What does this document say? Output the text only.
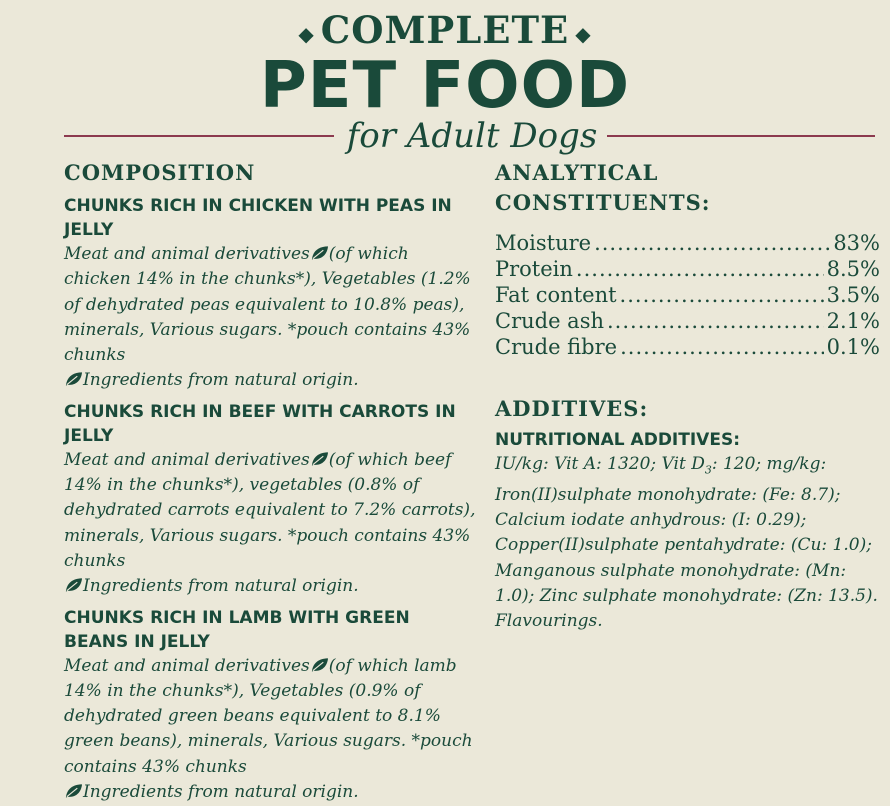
◆ COMPLETE ◆
PET FOOD
for Adult Dogs
COMPOSITION
CHUNKS RICH IN CHICKEN WITH PEAS IN JELLY
Meat and animal derivatives (of which chicken 14% in the chunks*), Vegetables (1.2% of dehydrated peas equivalent to 10.8% peas), minerals, Various sugars. *pouch contains 43% chunks
Ingredients from natural origin.
CHUNKS RICH IN BEEF WITH CARROTS IN JELLY
Meat and animal derivatives (of which beef 14% in the chunks*), vegetables (0.8% of dehydrated carrots equivalent to 7.2% carrots), minerals, Various sugars. *pouch contains 43% chunks
Ingredients from natural origin.
CHUNKS RICH IN LAMB WITH GREEN BEANS IN JELLY
Meat and animal derivatives (of which lamb 14% in the chunks*), Vegetables (0.9% of dehydrated green beans equivalent to 8.1% green beans), minerals, Various sugars. *pouch contains 43% chunks
Ingredients from natural origin.
ANALYTICAL
CONSTITUENTS:
Moisture .....	83%
Protein .....	8.5%
Fat content .....	3.5%
Crude ash .....	2.1%
Crude fibre .....	0.1%
ADDITIVES:
NUTRITIONAL ADDITIVES:
IU/kg: Vit A: 1320; Vit $D_3$: 120; mg/kg: Iron(II)sulphate monohydrate: (Fe: 8.7); Calcium iodate anhydrous: (I: 0.29); Copper(II)sulphate pentahydrate: (Cu: 1.0); Manganous sulphate monohydrate: (Mn: 1.0); Zinc sulphate monohydrate: (Zn: 13.5). Flavourings.
